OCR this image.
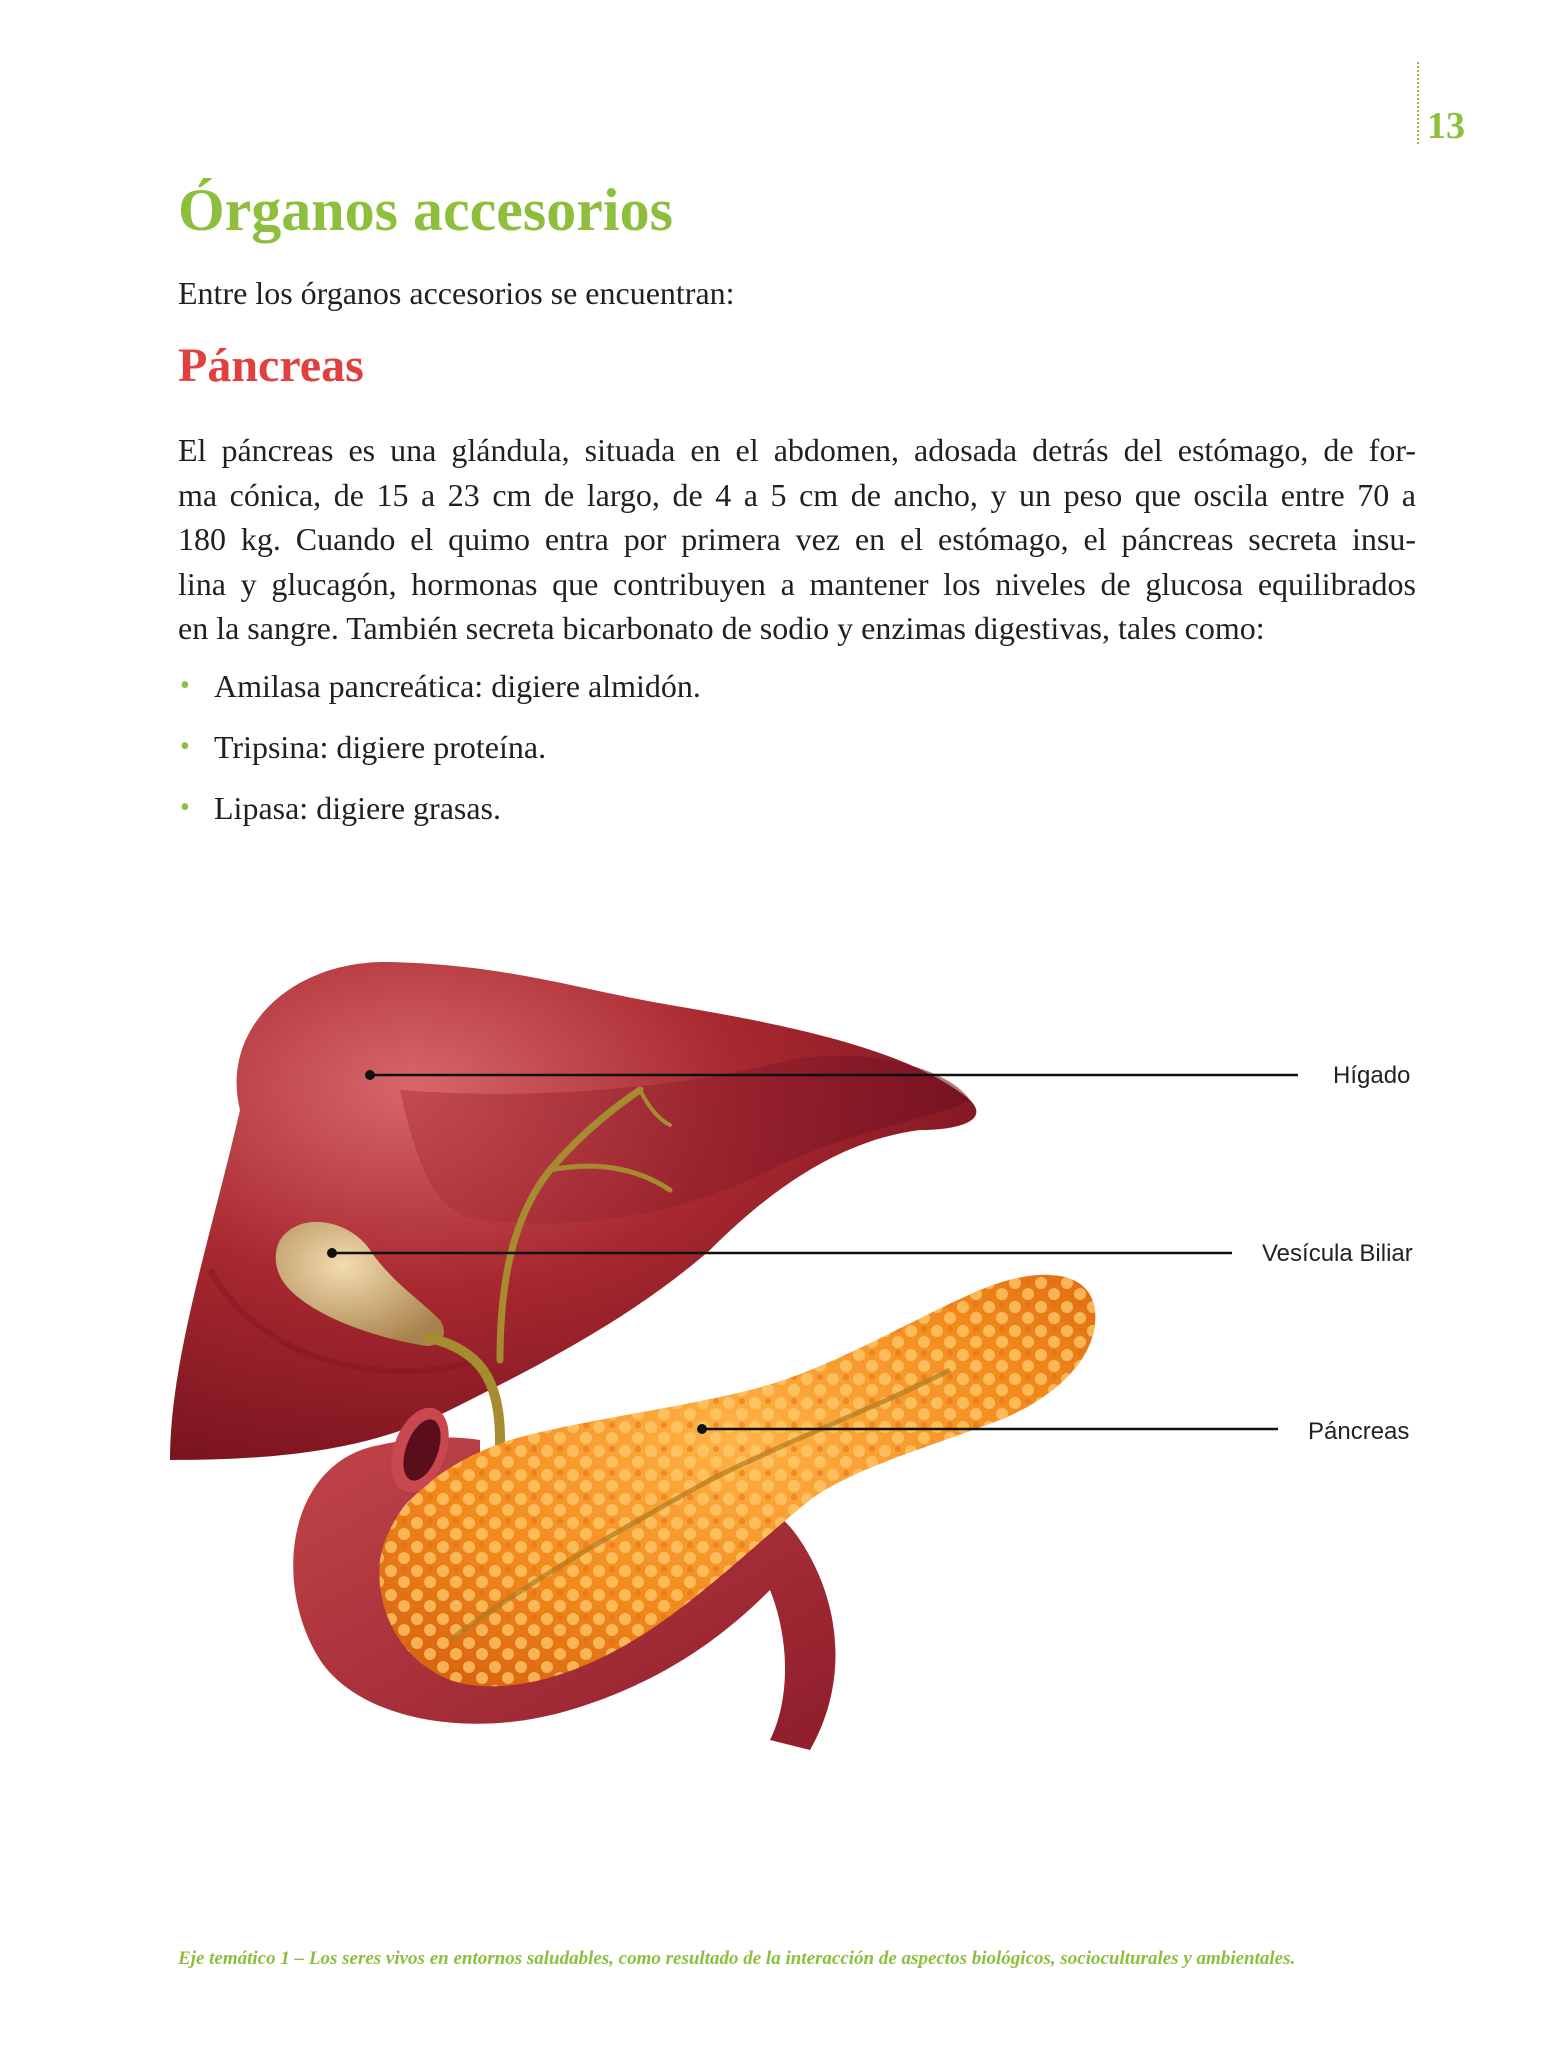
13
Órganos accesorios

Entre los órganos accesorios se encuentran:

Páncreas

El páncreas es una glándula, situada en el abdomen, adosada detrás del estómago, de for-
ma cónica, de 15 a 23 cm de largo, de 4 a 5 cm de ancho, y un peso que oscila entre 70 a
180 kg. Cuando el quimo entra por primera vez en el estómago, el páncreas secreta insu-
lina y glucagón, hormonas que contribuyen a mantener los niveles de glucosa equilibrados
en la sangre. También secreta bicarbonato de sodio y enzimas digestivas, tales como:

• Amilasa pancreática: digiere almidón.
• Tripsina: digiere proteína.
• Lipasa: digiere grasas.
Hígado
Vesícula Biliar
Páncreas
Eje temático 1 – Los seres vivos en entornos saludables, como resultado de la interacción de aspectos biológicos, socioculturales y ambientales.
